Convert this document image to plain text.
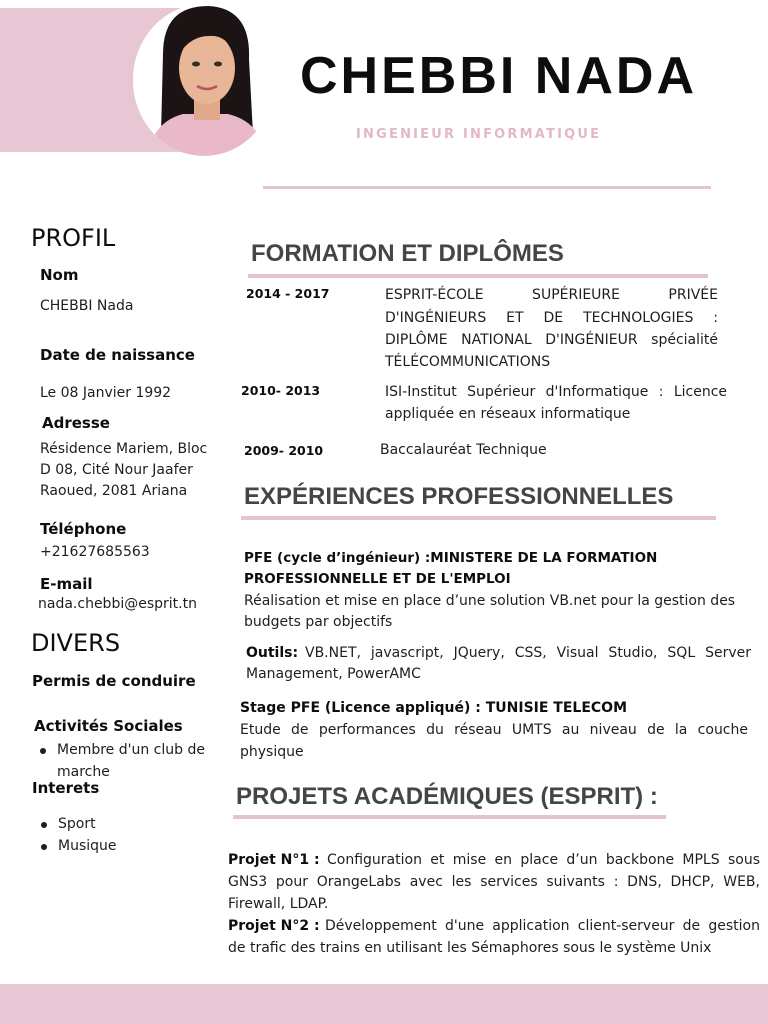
CHEBBI NADA
INGENIEUR INFORMATIQUE
PROFIL
Nom
CHEBBI Nada
Date de naissance
Le 08 Janvier 1992
Adresse
Résidence Mariem, Bloc
D 08, Cité Nour Jaafer
Raoued, 2081 Ariana
Téléphone
+21627685563
E-mail
nada.chebbi@esprit.tn
DIVERS
Permis de conduire
Activités Sociales
Membre d'un club de
marche
Interets
Sport
Musique
FORMATION ET DIPLÔMES
2014 - 2017	ESPRIT-ÉCOLE SUPÉRIEURE PRIVÉE
D'INGÉNIEURS ET DE TECHNOLOGIES :
DIPLÔME NATIONAL D'INGÉNIEUR spécialité
TÉLÉCOMMUNICATIONS
2010- 2013	ISI-Institut Supérieur d'Informatique : Licence
appliquée en réseaux informatique
2009- 2010	Baccalauréat Technique
EXPÉRIENCES PROFESSIONNELLES
PFE (cycle d’ingénieur) :MINISTERE DE LA FORMATION
PROFESSIONNELLE ET DE L'EMPLOI
Réalisation et mise en place d’une solution VB.net pour la gestion des
budgets par objectifs
Outils: VB.NET, javascript, JQuery, CSS, Visual Studio, SQL Server
Management, PowerAMC
Stage PFE (Licence appliqué) : TUNISIE TELECOM
Etude de performances du réseau UMTS au niveau de la couche
physique
PROJETS ACADÉMIQUES (ESPRIT) :
Projet N°1 : Configuration et mise en place d’un backbone MPLS sous
GNS3 pour OrangeLabs avec les services suivants : DNS, DHCP, WEB,
Firewall, LDAP.
Projet N°2 : Développement d'une application client-serveur de gestion
de trafic des trains en utilisant les Sémaphores sous le système Unix
